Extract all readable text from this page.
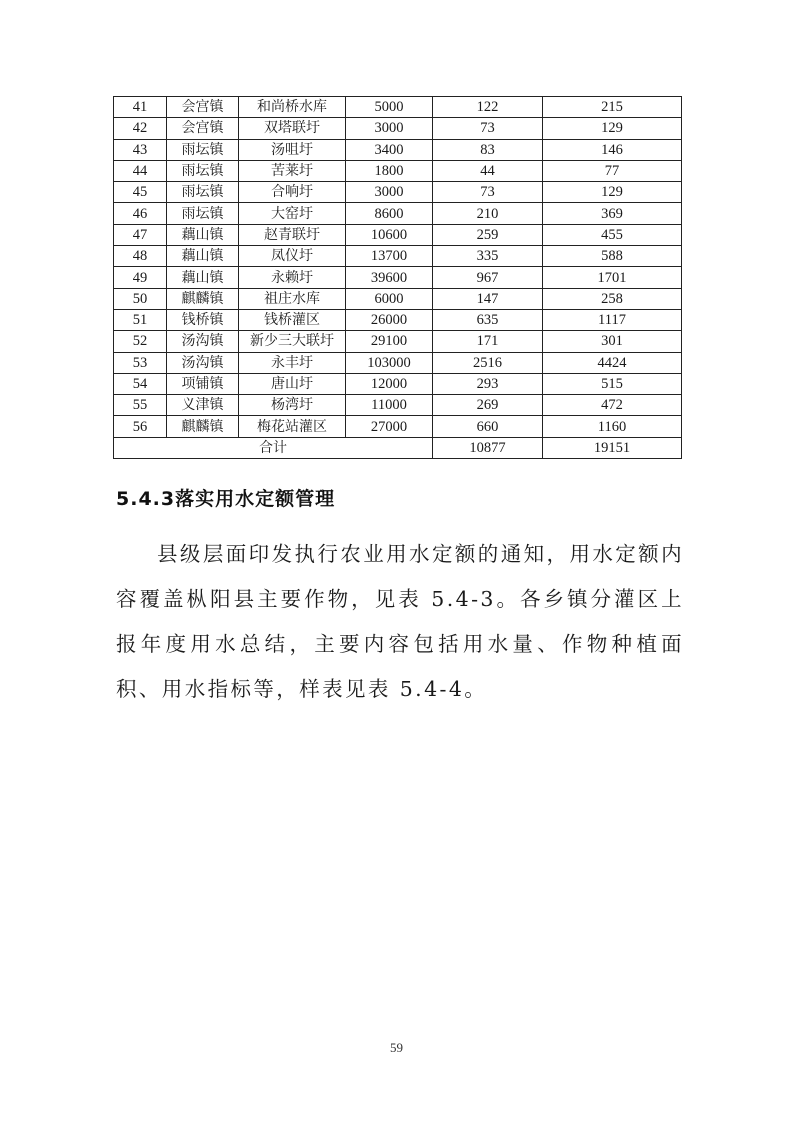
41	会宫镇	和尚桥水库	5000	122	215
42	会宫镇	双塔联圩	3000	73	129
43	雨坛镇	汤咀圩	3400	83	146
44	雨坛镇	苦莱圩	1800	44	77
45	雨坛镇	合响圩	3000	73	129
46	雨坛镇	大窑圩	8600	210	369
47	藕山镇	赵青联圩	10600	259	455
48	藕山镇	凤仪圩	13700	335	588
49	藕山镇	永赖圩	39600	967	1701
50	麒麟镇	祖庄水库	6000	147	258
51	钱桥镇	钱桥灌区	26000	635	1117
52	汤沟镇	新少三大联圩	29100	171	301
53	汤沟镇	永丰圩	103000	2516	4424
54	项铺镇	唐山圩	12000	293	515
55	义津镇	杨湾圩	11000	269	472
56	麒麟镇	梅花站灌区	27000	660	1160
合计				10877	19151
5.4.3落实用水定额管理

县级层面印发执行农业用水定额的通知，用水定额内容覆盖枞阳县主要作物，见表 5.4-3。各乡镇分灌区上报年度用水总结，主要内容包括用水量、作物种植面积、用水指标等，样表见表 5.4-4。

59
